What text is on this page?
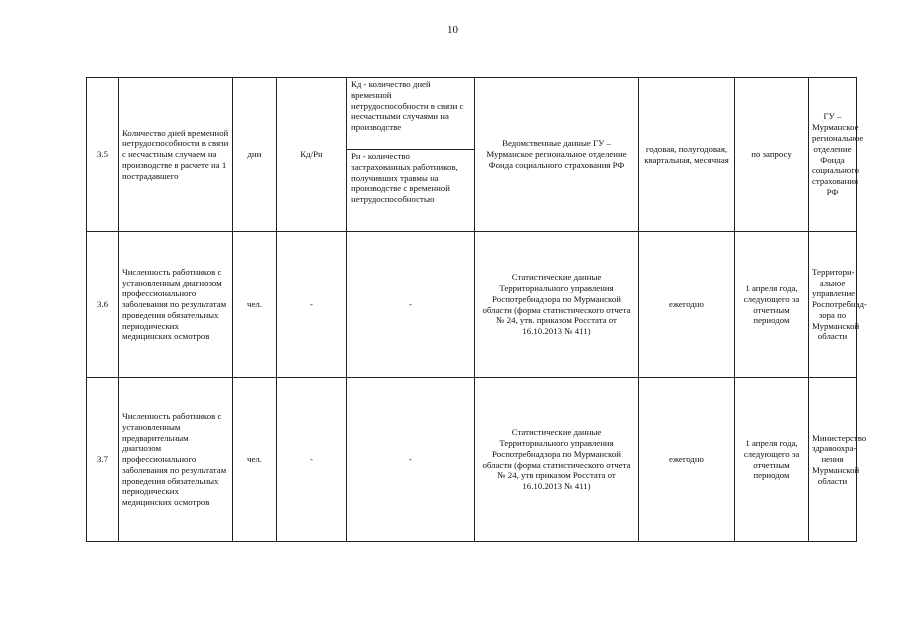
10
3.5	Количество дней временной нетрудоспособности в связи с несчастным случаем на производстве в расчете на 1 пострадавшего	дни	Кд/Рн	Кд - количество дней временной нетрудоспособности в связи с несчастными случаями на производстве
Рн - количество застрахованных работников, получивших травмы на производстве с временной нетрудоспособностью	Ведомственные данные ГУ – Мурманское региональное отделение Фонда социального страхования РФ	годовая, полугодовая, квартальная, месячная	по запросу	ГУ – Мурманское региональное отделение Фонда социального страхования РФ
3.6	Численность работников с установленным диагнозом профессионального заболевания по результатам проведения обязательных периодических медицинских осмотров	чел.	-	-	Статистические данные Территориального управления Роспотребнадзора по Мурманской области (форма статистического отчета № 24, утв. приказом Росстата от 16.10.2013 № 411)	ежегодно	1 апреля года, следующего за отчетным периодом	Территори-альное управление Роспотребнад-зора по Мурманской области
3.7	Численность работников с установленным предварительным диагнозом профессионального заболевания по результатам проведения обязательных периодических медицинских осмотров	чел.	-	-	Статистические данные Территориального управления Роспотребнадзора по Мурманской области (форма статистического отчета № 24, утв приказом Росстата от 16.10.2013 № 411)	ежегодно	1 апреля года, следующего за отчетным периодом	Министерство здравоохра-нения Мурманской области
